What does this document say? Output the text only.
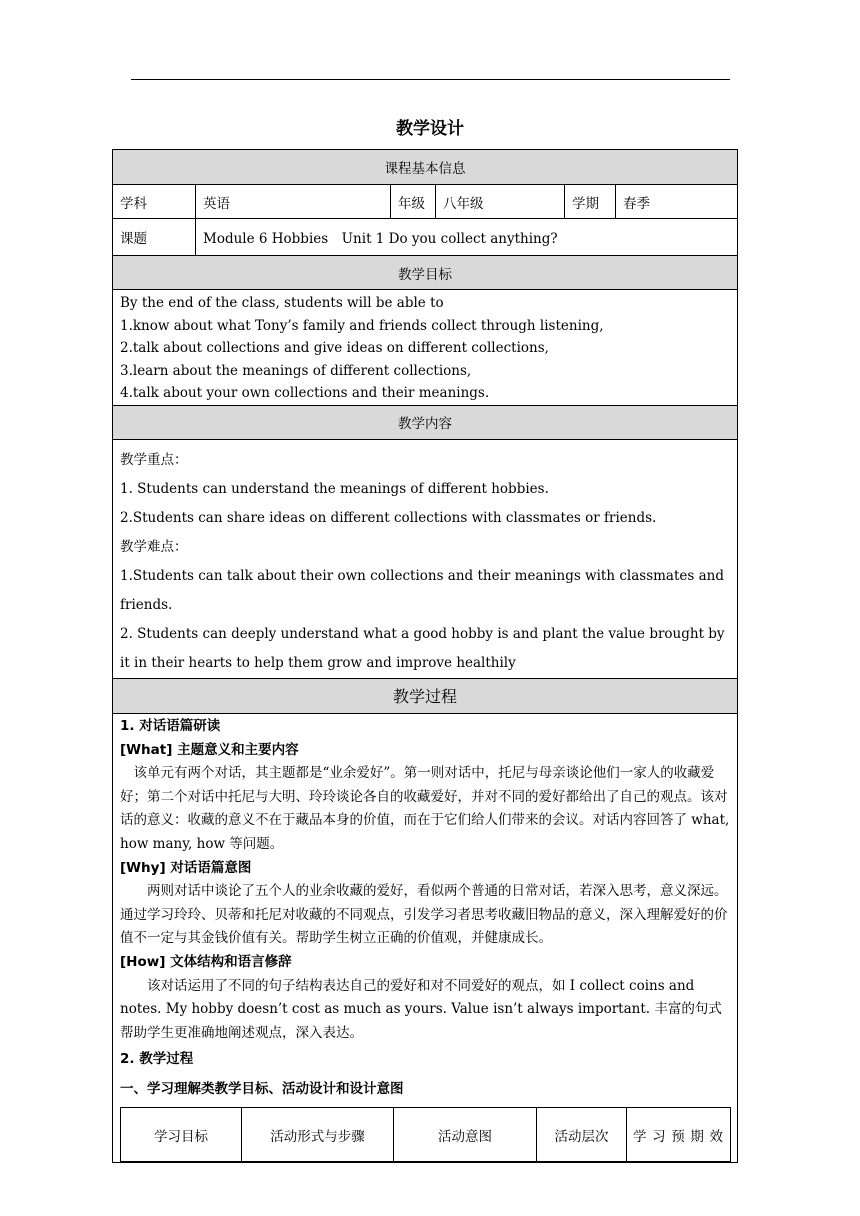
教学设计
课程基本信息
学科	英语	年级	八年级	学期	春季
课题	Module 6 Hobbies　Unit 1 Do you collect anything?
教学目标

By the end of the class, students will be able to
1.know about what Tony’s family and friends collect through listening,
2.talk about collections and give ideas on different collections,
3.learn about the meanings of different collections,
4.talk about your own collections and their meanings.

教学内容

教学重点：
1. Students can understand the meanings of different hobbies.
2.Students can share ideas on different collections with classmates or friends.
教学难点：
1.Students can talk about their own collections and their meanings with classmates and friends.
2. Students can deeply understand what a good hobby is and plant the value brought by it in their hearts to help them grow and improve healthily

教学过程

1. 对话语篇研读
[What] 主题意义和主要内容
该单元有两个对话，其主题都是“业余爱好”。第一则对话中，托尼与母亲谈论他们一家人的收藏爱好；第二个对话中托尼与大明、玲玲谈论各自的收藏爱好，并对不同的爱好都给出了自己的观点。该对话的意义：收藏的意义不在于藏品本身的价值，而在于它们给人们带来的会议。对话内容回答了 what, how many, how 等问题。
[Why] 对话语篇意图
两则对话中谈论了五个人的业余收藏的爱好，看似两个普通的日常对话，若深入思考，意义深远。通过学习玲玲、贝蒂和托尼对收藏的不同观点，引发学习者思考收藏旧物品的意义，深入理解爱好的价值不一定与其金钱价值有关。帮助学生树立正确的价值观，并健康成长。
[How] 文体结构和语言修辞
该对话运用了不同的句子结构表达自己的爱好和对不同爱好的观点，如 I collect coins and notes. My hobby doesn’t cost as much as yours. Value isn’t always important. 丰富的句式帮助学生更准确地阐述观点，深入表达。
2. 教学过程
一、学习理解类教学目标、活动设计和设计意图
学习目标	活动形式与步骤	活动意图	活动层次	学习预期效
